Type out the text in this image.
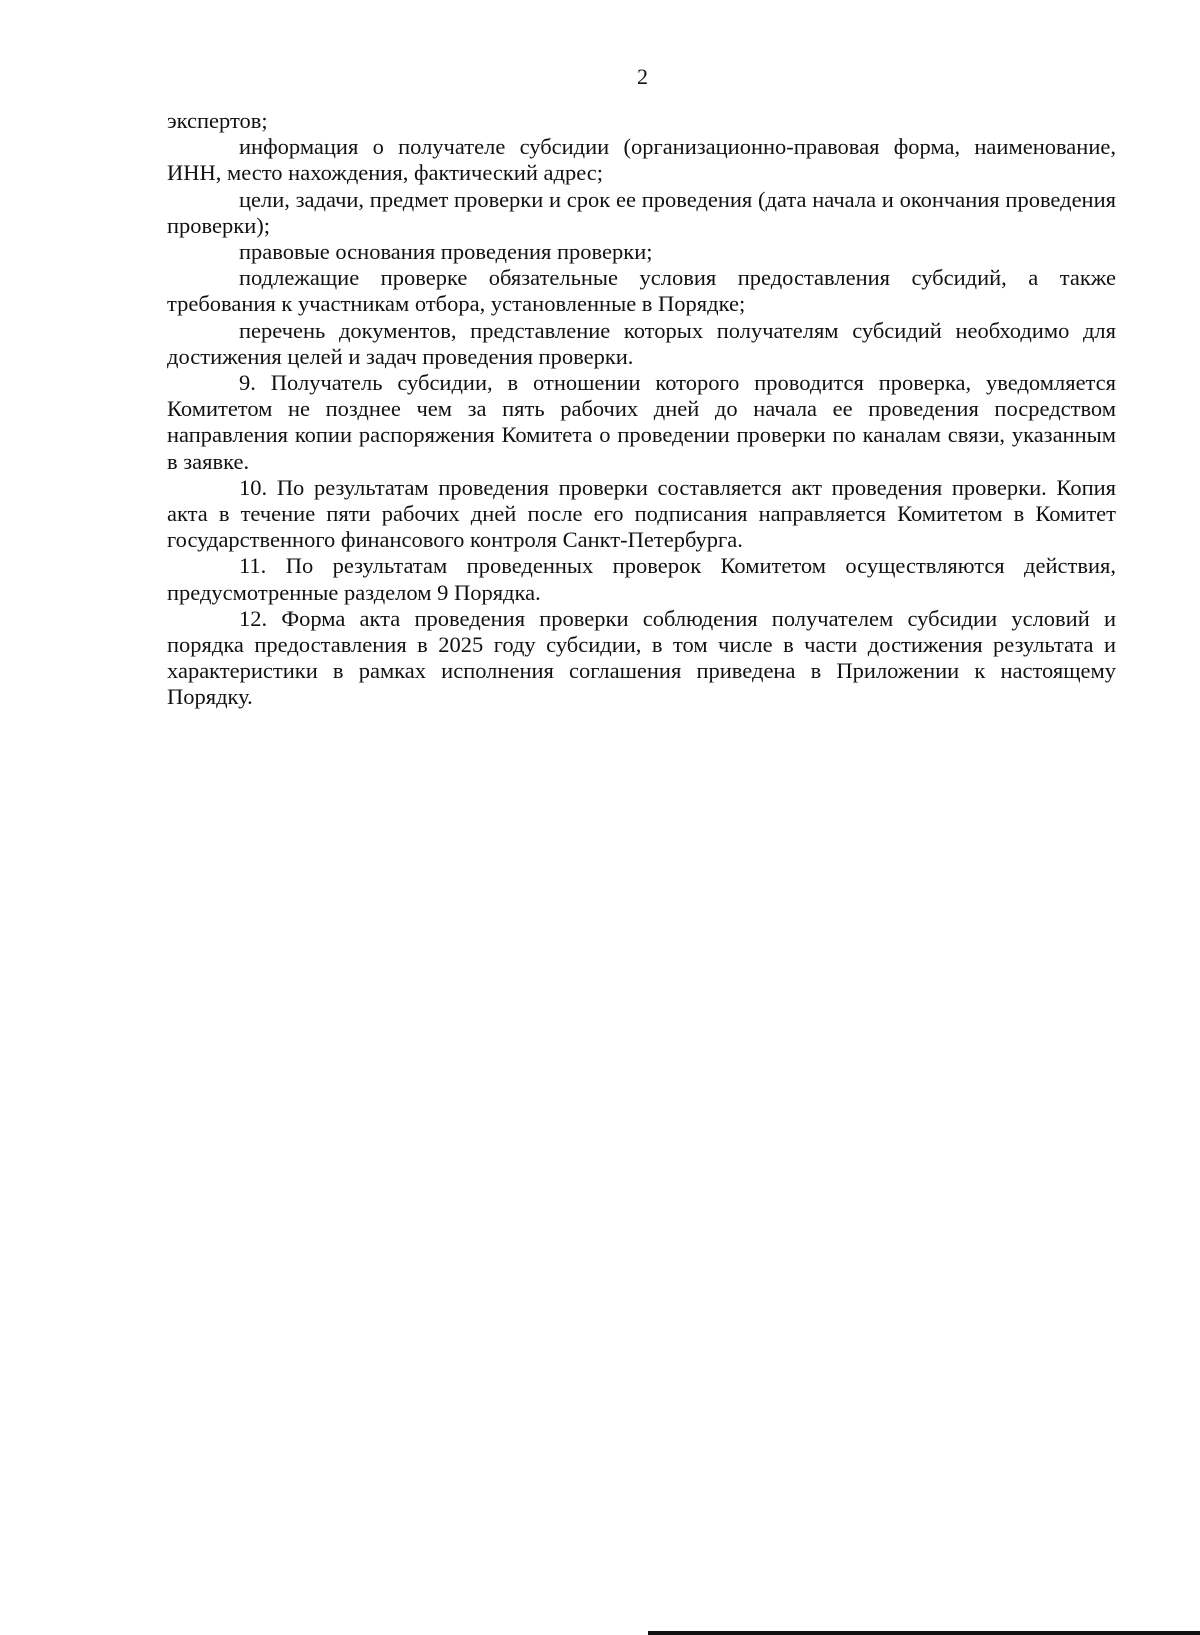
2

экспертов;

информация о получателе субсидии (организационно-правовая форма, наименование, ИНН, место нахождения, фактический адрес;

цели, задачи, предмет проверки и срок ее проведения (дата начала и окончания проведения проверки);

правовые основания проведения проверки;

подлежащие проверке обязательные условия предоставления субсидий, а также требования к участникам отбора, установленные в Порядке;

перечень документов, представление которых получателям субсидий необходимо для достижения целей и задач проведения проверки.

9. Получатель субсидии, в отношении которого проводится проверка, уведомляется Комитетом не позднее чем за пять рабочих дней до начала ее проведения посредством направления копии распоряжения Комитета о проведении проверки по каналам связи, указанным в заявке.

10. По результатам проведения проверки составляется акт проведения проверки. Копия акта в течение пяти рабочих дней после его подписания направляется Комитетом в Комитет государственного финансового контроля Санкт-Петербурга.

11. По результатам проведенных проверок Комитетом осуществляются действия, предусмотренные разделом 9 Порядка.

12. Форма акта проведения проверки соблюдения получателем субсидии условий и порядка предоставления в 2025 году субсидии, в том числе в части достижения результата и характеристики в рамках исполнения соглашения приведена в Приложении к настоящему Порядку.
